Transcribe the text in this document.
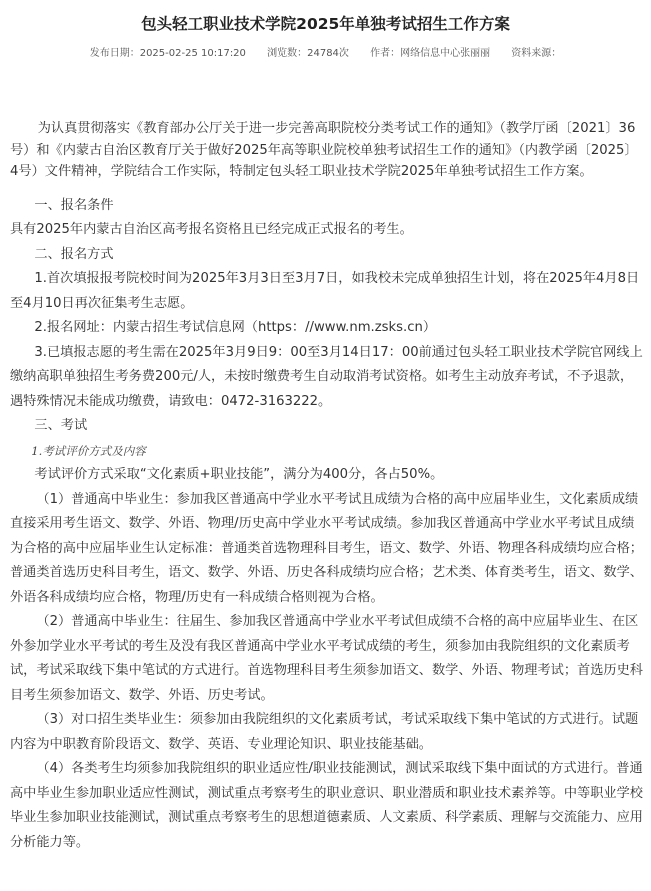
包头轻工职业技术学院2025年单独考试招生工作方案
发布日期：2025-02-25 10:17:20 浏览数：24784次 作者：网络信息中心张丽丽 资料来源：

为认真贯彻落实《教育部办公厅关于进一步完善高职院校分类考试工作的通知》（教学厅函〔2021〕36号）和《内蒙古自治区教育厅关于做好2025年高等职业院校单独考试招生工作的通知》（内教学函〔2025〕4号）文件精神，学院结合工作实际，特制定包头轻工职业技术学院2025年单独考试招生工作方案。

一、报名条件

具有2025年内蒙古自治区高考报名资格且已经完成正式报名的考生。

二、报名方式

1.首次填报报考院校时间为2025年3月3日至3月7日，如我校未完成单独招生计划，将在2025年4月8日至4月10日再次征集考生志愿。

2.报名网址：内蒙古招生考试信息网（https：//www.nm.zsks.cn）

3.已填报志愿的考生需在2025年3月9日9：00至3月14日17：00前通过包头轻工职业技术学院官网线上缴纳高职单独招生考务费200元/人，未按时缴费考生自动取消考试资格。如考生主动放弃考试，不予退款，遇特殊情况未能成功缴费，请致电：0472-3163222。

三、考试

1.考试评价方式及内容

考试评价方式采取“文化素质+职业技能”，满分为400分，各占50%。

（1）普通高中毕业生：参加我区普通高中学业水平考试且成绩为合格的高中应届毕业生，文化素质成绩直接采用考生语文、数学、外语、物理/历史高中学业水平考试成绩。参加我区普通高中学业水平考试且成绩为合格的高中应届毕业生认定标准：普通类首选物理科目考生，语文、数学、外语、物理各科成绩均应合格；普通类首选历史科目考生，语文、数学、外语、历史各科成绩均应合格；艺术类、体育类考生，语文、数学、外语各科成绩均应合格，物理/历史有一科成绩合格则视为合格。

（2）普通高中毕业生：往届生、参加我区普通高中学业水平考试但成绩不合格的高中应届毕业生、在区外参加学业水平考试的考生及没有我区普通高中学业水平考试成绩的考生，须参加由我院组织的文化素质考试，考试采取线下集中笔试的方式进行。首选物理科目考生须参加语文、数学、外语、物理考试；首选历史科目考生须参加语文、数学、外语、历史考试。

（3）对口招生类毕业生：须参加由我院组织的文化素质考试，考试采取线下集中笔试的方式进行。试题内容为中职教育阶段语文、数学、英语、专业理论知识、职业技能基础。

（4）各类考生均须参加我院组织的职业适应性/职业技能测试，测试采取线下集中面试的方式进行。普通高中毕业生参加职业适应性测试，测试重点考察考生的职业意识、职业潜质和职业技术素养等。中等职业学校毕业生参加职业技能测试，测试重点考察考生的思想道德素质、人文素质、科学素质、理解与交流能力、应用分析能力等。
